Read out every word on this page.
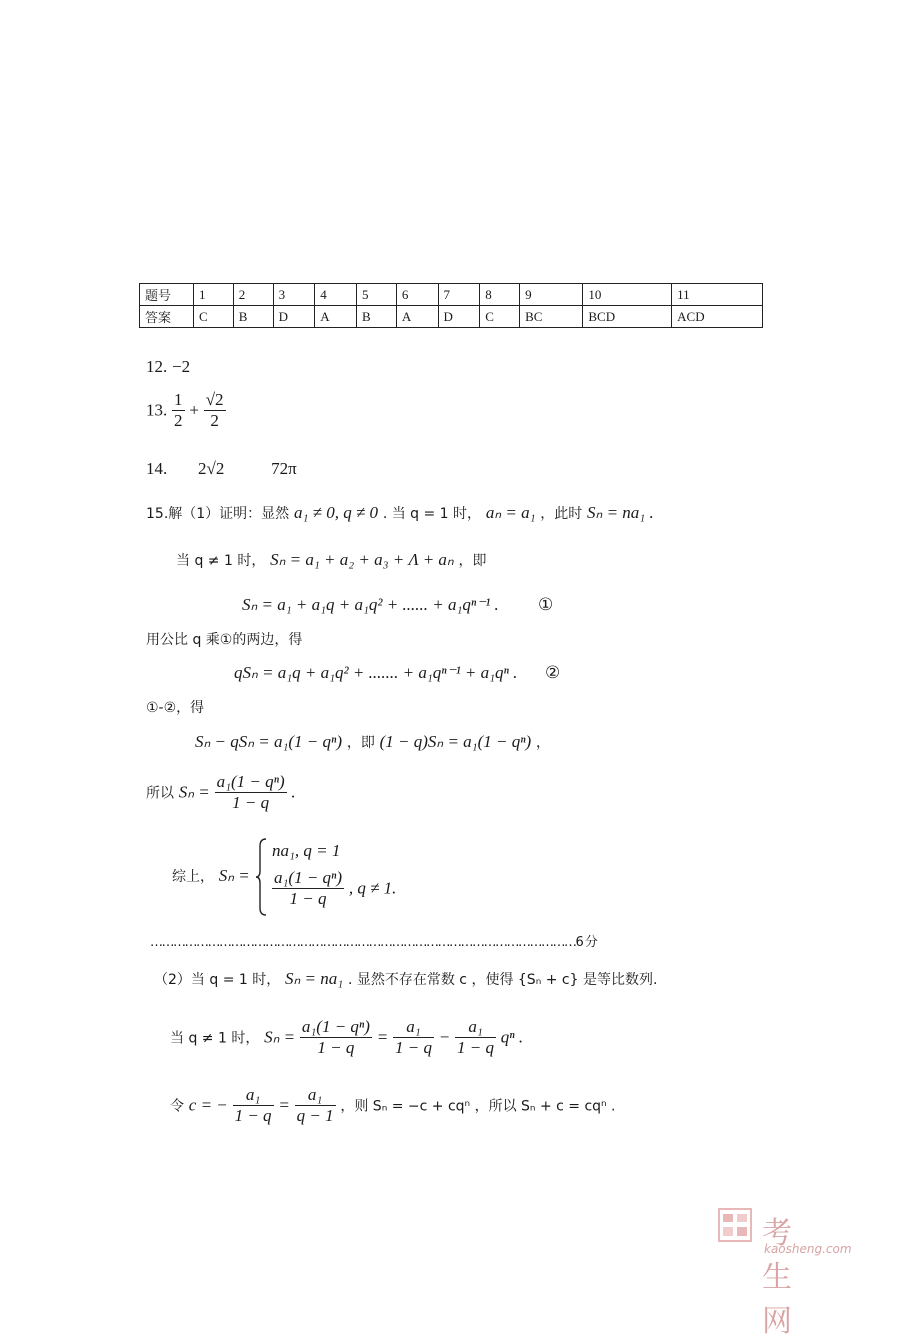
题号	1	2	3	4	5	6	7	8	9	10	11
答案	C	B	D	A	B	A	D	C	BC	BCD	ACD
12. −2
13. $\frac{1}{2} + \frac{√2}{2}$
14. 2√2	72π
15.解（1）证明：显然 a₁ ≠ 0, q ≠ 0 . 当 q = 1 时， aₙ = a₁ ，此时 Sₙ = na₁ .
当 q ≠ 1 时， Sₙ = a₁ + a₂ + a₃ + Λ + aₙ ，即
Sₙ = a₁ + a₁q + a₁q² + ...... + a₁qⁿ⁻¹ . ①
用公比 q 乘①的两边，得
qSₙ = a₁q + a₁q² + ....... + a₁qⁿ⁻¹ + a₁qⁿ . ②
①-②，得
Sₙ − qSₙ = a₁(1 − qⁿ) ，即 (1 − q)Sₙ = a₁(1 − qⁿ) ，
所以 $S_n = \frac{\text{a₁(1 − qⁿ)}}{1 - q}$ .
综上， Sₙ =
na₁, q = 1
$\frac{\text{a₁(1 − qⁿ)}}{1 - q}$ , q ≠ 1.
…………………………………………………………………………………………………6 分
（2）当 q = 1 时， Sₙ = na₁ . 显然不存在常数 c ，使得 {Sₙ + c} 是等比数列.
当 q ≠ 1 时， $S_n = \frac{\text{a₁(1 − qⁿ)}}{1 - q} = \frac{\text{a₁}}{1 - q} - \frac{\text{a₁}}{1 - q}$ qⁿ .
令 c = − $\frac{\text{a₁}}{1 - q} = \frac{\text{a₁}}{q - 1}$ ，则 Sₙ = −c + cqⁿ ，所以 Sₙ + c = cqⁿ .
考生网
kaosheng.com
